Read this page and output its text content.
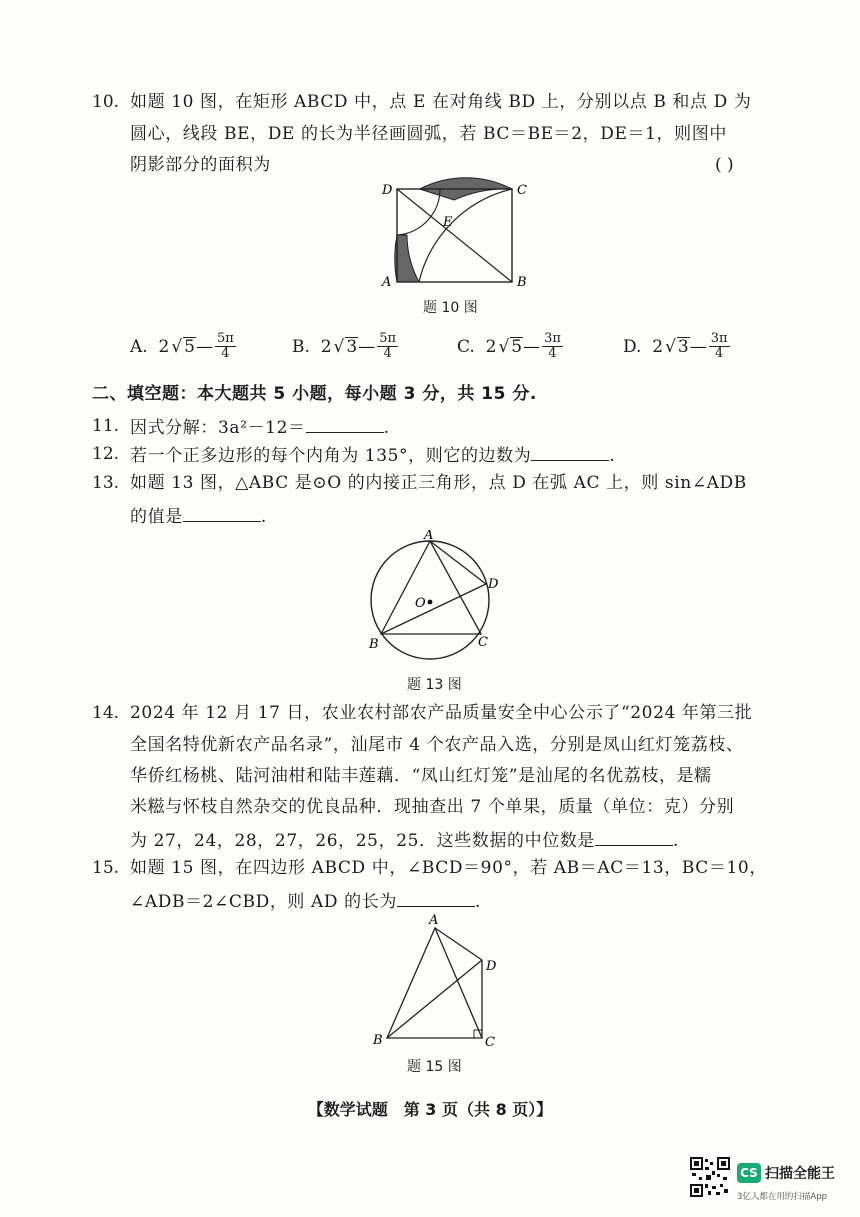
10. 如题 10 图，在矩形 ABCD 中，点 E 在对角线 BD 上，分别以点 B 和点 D 为
圆心，线段 BE，DE 的长为半径画圆弧，若 BC＝BE＝2，DE＝1，则图中
阴影部分的面积为	( )
D	C
E
A	B
题 10 图
A.
2 √ 5 — $\frac{5\pi}{4}$	B.
2 √ 3 — $\frac{5\pi}{4}$	C.
2 √ 5 — $\frac{3\pi}{4}$	D.
2 √ 3 — $\frac{3\pi}{4}$
二、填空题：本大题共 5 小题，每小题 3 分，共 15 分.
11. 因式分解：3a²－12＝	.
12. 若一个正多边形的每个内角为 135°，则它的边数为	.
13. 如题 13 图，△ABC 是⊙O 的内接正三角形，点 D 在弧 AC 上，则 sin∠ADB
的值是	.
A
D
O
B	C
题 13 图
14. 2024 年 12 月 17 日，农业农村部农产品质量安全中心公示了“2024 年第三批
全国名特优新农产品名录”，汕尾市 4 个农产品入选，分别是凤山红灯笼荔枝、
华侨红杨桃、陆河油柑和陆丰莲藕．“凤山红灯笼”是汕尾的名优荔枝，是糯
米糍与怀枝自然杂交的优良品种．现抽查出 7 个单果，质量（单位：克）分别
为 27，24，28，27，26，25，25．这些数据的中位数是	.
15. 如题 15 图，在四边形 ABCD 中，∠BCD＝90°，若 AB＝AC＝13，BC＝10，
∠ADB＝2∠CBD，则 AD 的长为	.
A
D
B	C
题 15 图
【数学试题　第 3 页（共 8 页）】
CS 扫描全能王
3亿人都在用的扫描App
